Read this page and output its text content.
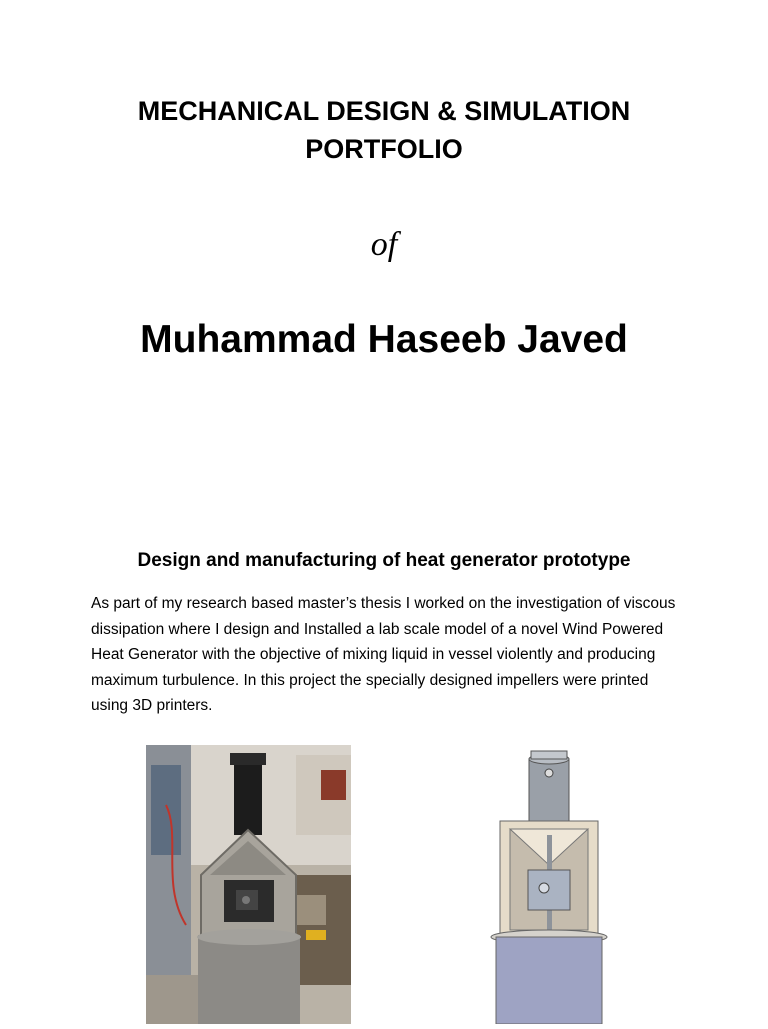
MECHANICAL DESIGN & SIMULATION
PORTFOLIO
of
Muhammad Haseeb Javed
Design and manufacturing of heat generator prototype
As part of my research based master’s thesis I worked on the investigation of viscous dissipation where I design and Installed a lab scale model of a novel Wind Powered Heat Generator with the objective of mixing liquid in vessel violently and producing maximum turbulence. In this project the specially designed impellers were printed using 3D printers.
